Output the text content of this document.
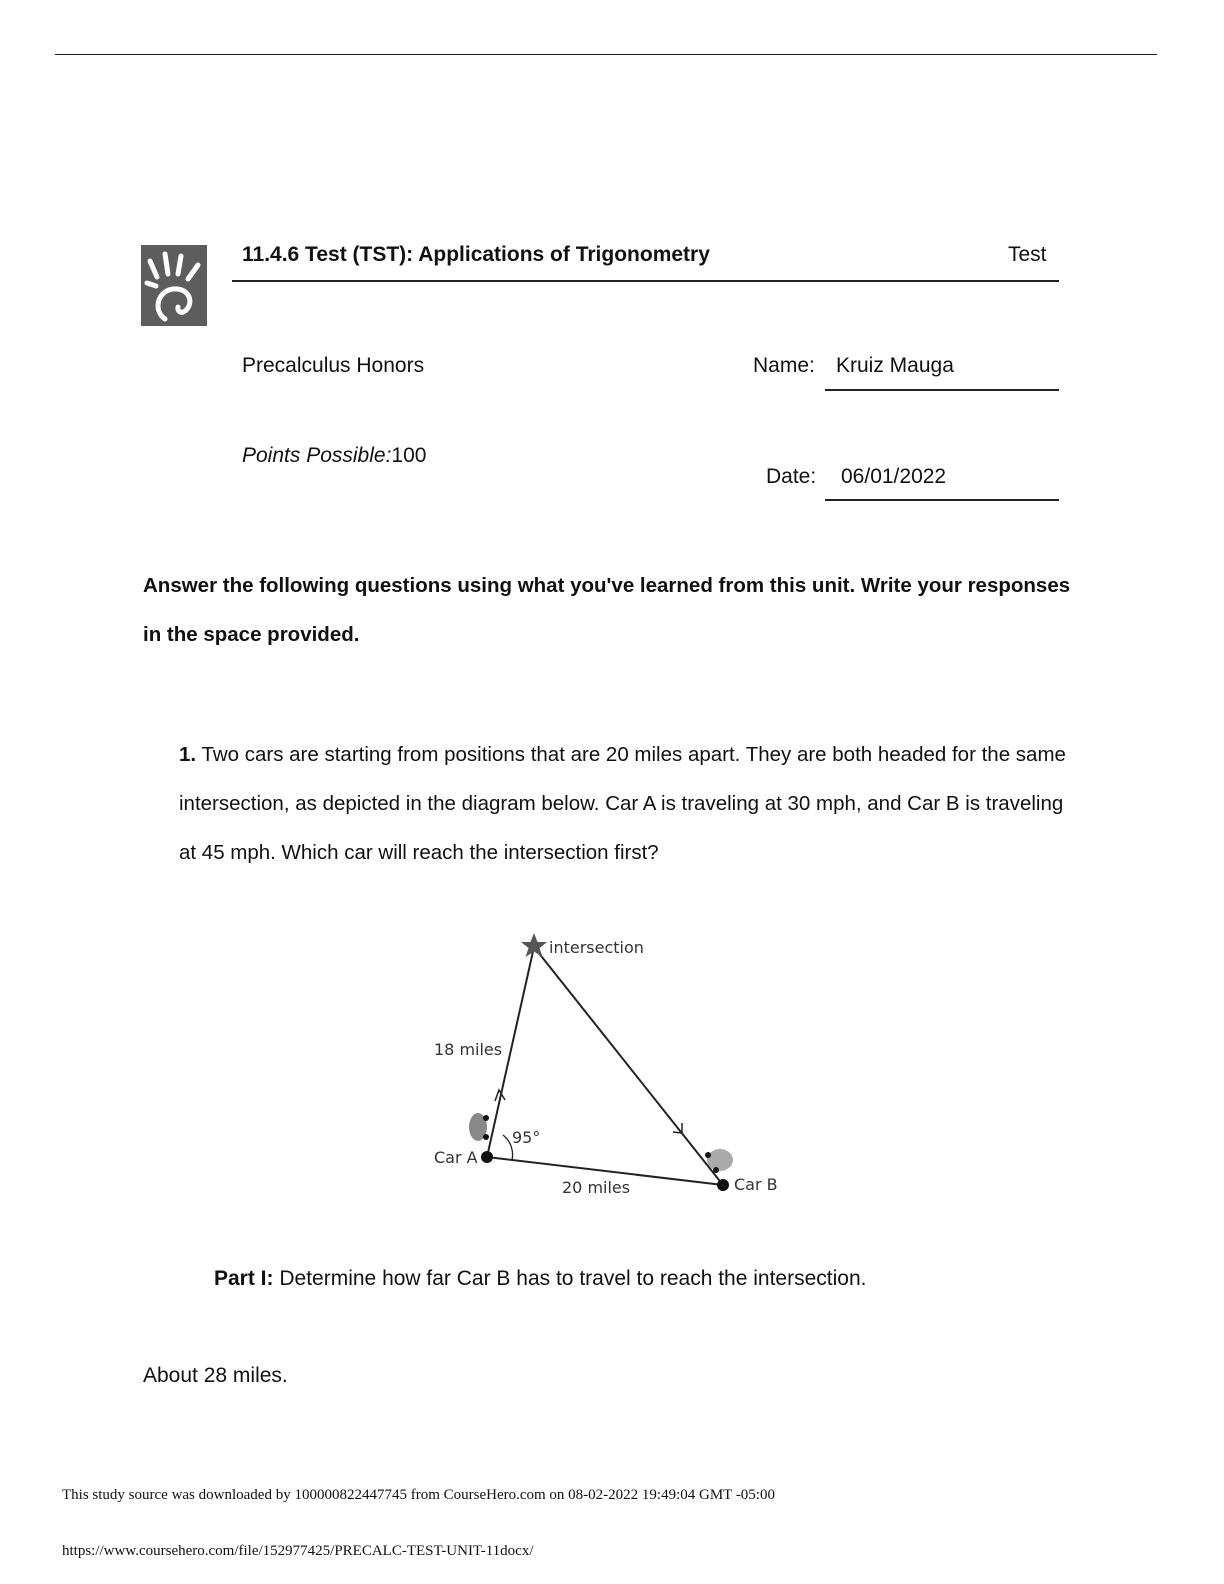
11.4.6 Test (TST): Applications of Trigonometry	Test
Precalculus Honors	Name: Kruiz Mauga
Points Possible:100
Date: 06/01/2022
Answer the following questions using what you've learned from this unit. Write your responses in the space provided.
1. Two cars are starting from positions that are 20 miles apart. They are both headed for the same intersection, as depicted in the diagram below. Car A is traveling at 30 mph, and Car B is traveling at 45 mph. Which car will reach the intersection first?
intersection
18 miles
95°
Car A
Car B
20 miles
Part I: Determine how far Car B has to travel to reach the intersection.
About 28 miles.
This study source was downloaded by 100000822447745 from CourseHero.com on 08-02-2022 19:49:04 GMT -05:00
https://www.coursehero.com/file/152977425/PRECALC-TEST-UNIT-11docx/
